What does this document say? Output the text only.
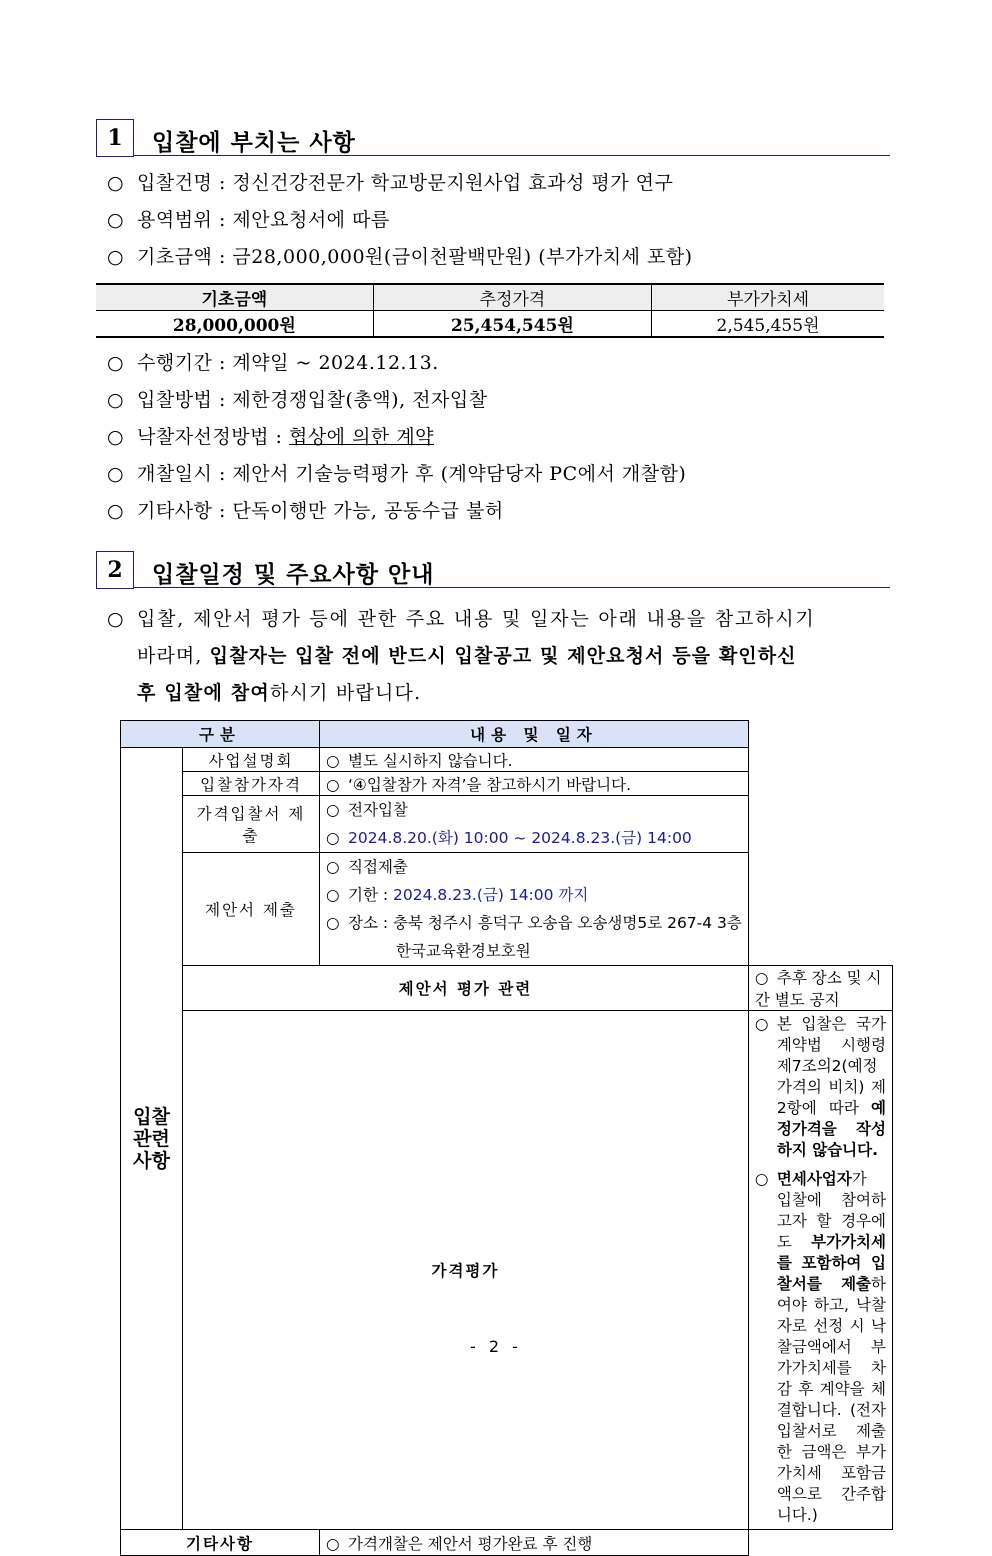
1	입찰에 부치는 사항
○ 입찰건명 : 정신건강전문가 학교방문지원사업 효과성 평가 연구
○ 용역범위 : 제안요청서에 따름
○ 기초금액 : 금28,000,000원(금이천팔백만원) (부가가치세 포함)
기초금액	추정가격	부가가치세
28,000,000원	25,454,545원	2,545,455원
○ 수행기간 : 계약일 ~ 2024.12.13.
○ 입찰방법 : 제한경쟁입찰(총액), 전자입찰
○ 낙찰자선정방법 : 협상에 의한 계약
○ 개찰일시 : 제안서 기술능력평가 후 (계약담당자 PC에서 개찰함)
○ 기타사항 : 단독이행만 가능, 공동수급 불허
2	입찰일정 및 주요사항 안내
○ 입찰, 제안서 평가 등에 관한 주요 내용 및 일자는 아래 내용을 참고하시기
바라며, 입찰자는 입찰 전에 반드시 입찰공고 및 제안요청서 등을 확인하신
후 입찰에 참여하시기 바랍니다.
구분		내용 및 일자	
입찰 관련 사항	사업설명회	○ 별도 실시하지 않습니다.	
	입찰참가자격	○ ‘④입찰참가 자격’을 참고하시기 바랍니다.	
	가격입찰서 제출	○ 전자입찰
○ 2024.8.20.(화) 10:00 ~ 2024.8.23.(금) 14:00	

	제안서 제출	○ 직접제출
○ 기한 : 2024.8.23.(금) 14:00 까지
○ 장소 : 충북 청주시 흥덕구 오송읍 오송생명5로 267-4 3층
한국교육환경보호원	

	제안서 평가 관련		○ 추후 장소 및 시간 별도 공지
	가격평가		○ 본 입찰은 국가계약법 시행령 제7조의2(예정가격의 비치) 제2항에 따라 예정가격을 작성하지 않습니다.
○ 면세사업자가 입찰에 참여하고자 할 경우에도 부가가치세를 포함하여 입찰서를 제출하여야 하고, 낙찰자로 선정 시 낙찰금액에서 부가가치세를 차감 후 계약을 체결합니다. (전자입찰서로 제출한 금액은 부가가치세 포함금액으로 간주합니다.)

기타사항		○ 가격개찰은 제안서 평가완료 후 진행	
- 2 -
